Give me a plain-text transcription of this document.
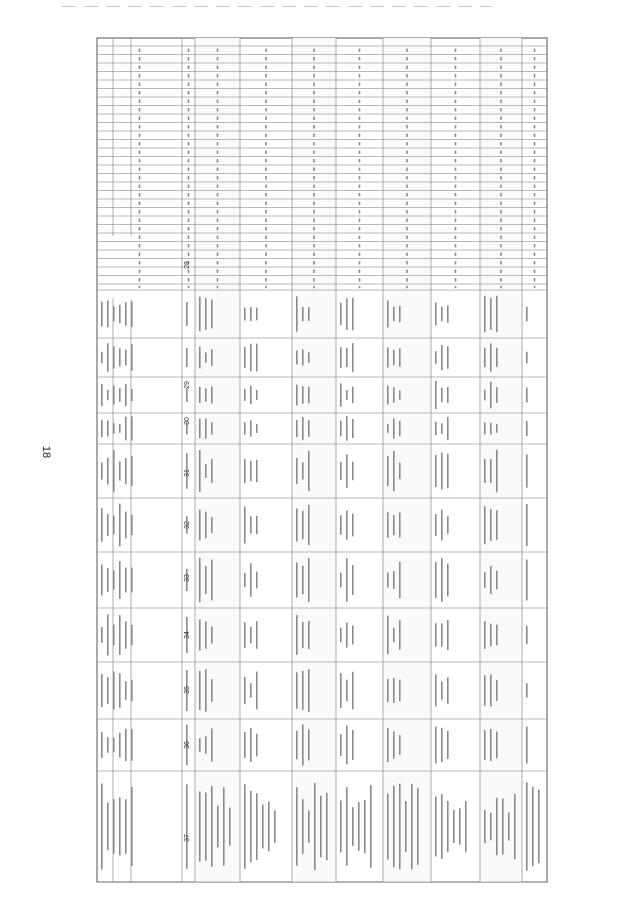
18
28
29
30
31
32
33
34
35
36
37
